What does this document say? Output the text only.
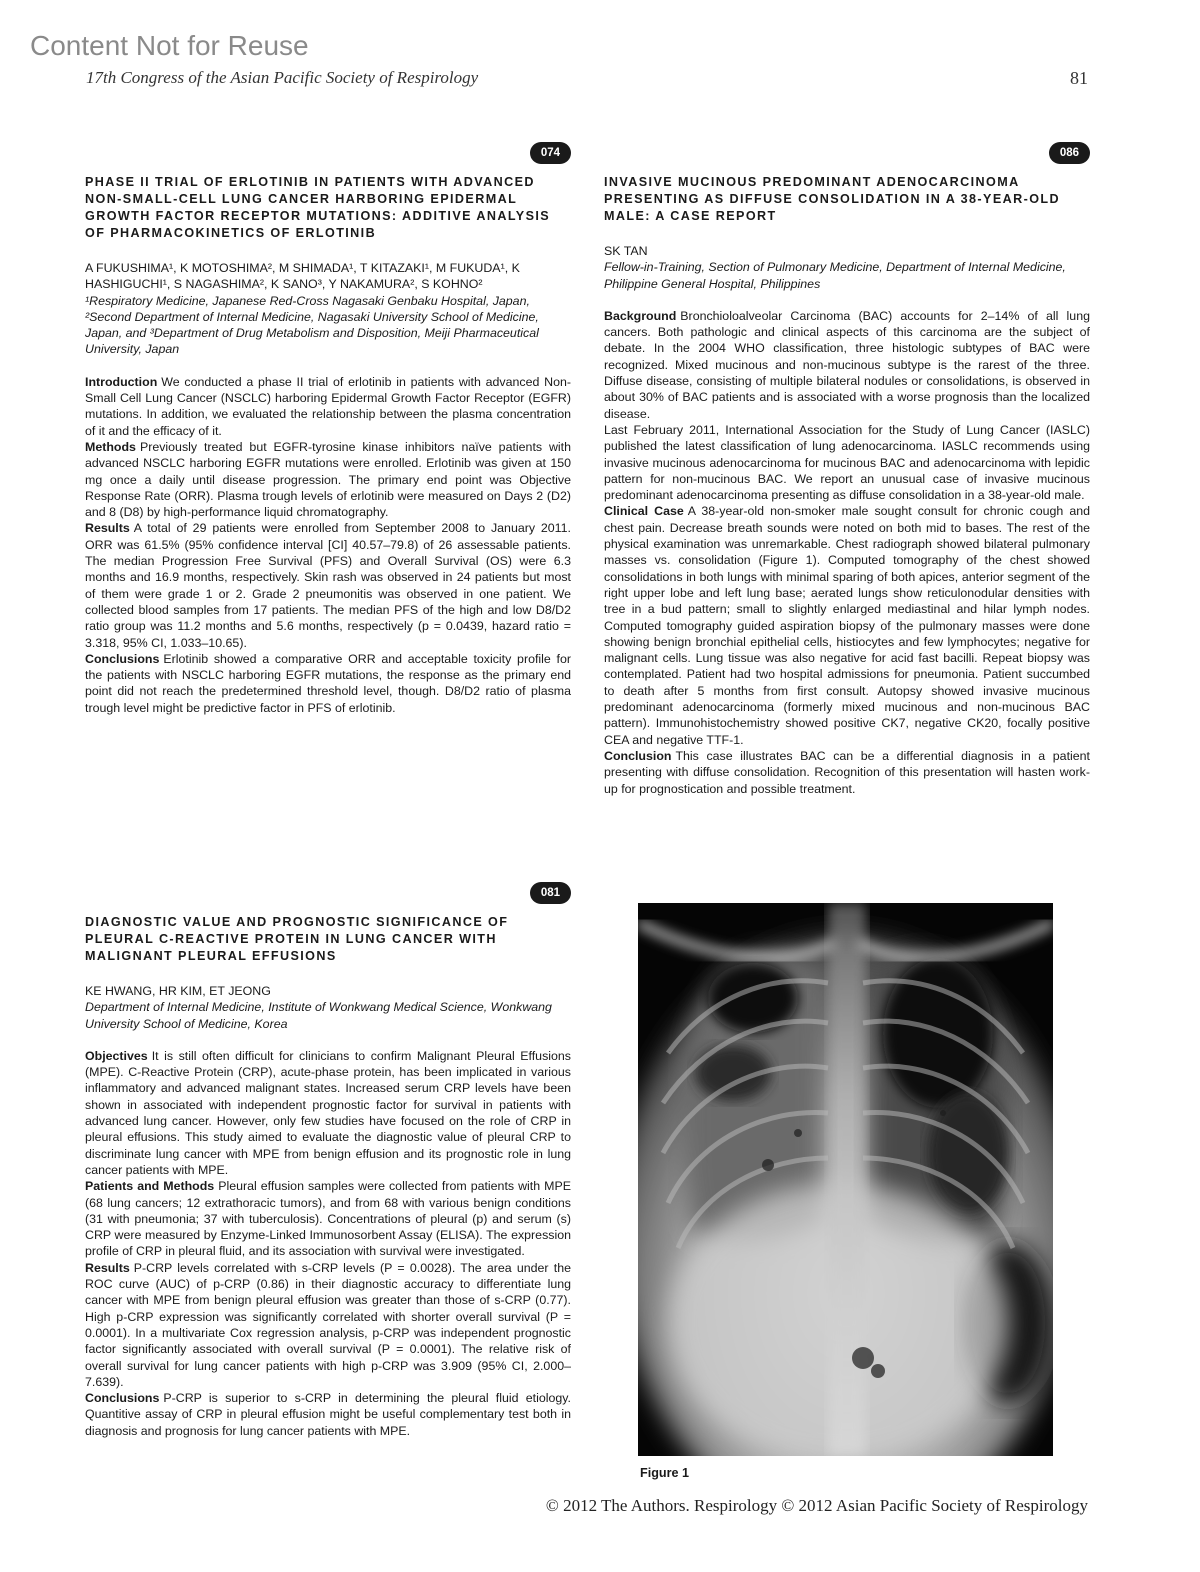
Content Not for Reuse
17th Congress of the Asian Pacific Society of Respirology	81
074
PHASE II TRIAL OF ERLOTINIB IN PATIENTS WITH ADVANCED NON-SMALL-CELL LUNG CANCER HARBORING EPIDERMAL GROWTH FACTOR RECEPTOR MUTATIONS: ADDITIVE ANALYSIS OF PHARMACOKINETICS OF ERLOTINIB
A FUKUSHIMA¹, K MOTOSHIMA², M SHIMADA¹, T KITAZAKI¹, M FUKUDA¹, K HASHIGUCHI¹, S NAGASHIMA², K SANO³, Y NAKAMURA², S KOHNO²
¹Respiratory Medicine, Japanese Red-Cross Nagasaki Genbaku Hospital, Japan, ²Second Department of Internal Medicine, Nagasaki University School of Medicine, Japan, and ³Department of Drug Metabolism and Disposition, Meiji Pharmaceutical University, Japan

Introduction We conducted a phase II trial of erlotinib in patients with advanced Non-Small Cell Lung Cancer (NSCLC) harboring Epidermal Growth Factor Receptor (EGFR) mutations. In addition, we evaluated the relationship between the plasma concentration of it and the efficacy of it.

Methods Previously treated but EGFR-tyrosine kinase inhibitors naïve patients with advanced NSCLC harboring EGFR mutations were enrolled. Erlotinib was given at 150 mg once a daily until disease progression. The primary end point was Objective Response Rate (ORR). Plasma trough levels of erlotinib were measured on Days 2 (D2) and 8 (D8) by high-performance liquid chromatography.

Results A total of 29 patients were enrolled from September 2008 to January 2011. ORR was 61.5% (95% confidence interval [CI] 40.57–79.8) of 26 assessable patients. The median Progression Free Survival (PFS) and Overall Survival (OS) were 6.3 months and 16.9 months, respectively. Skin rash was observed in 24 patients but most of them were grade 1 or 2. Grade 2 pneumonitis was observed in one patient. We collected blood samples from 17 patients. The median PFS of the high and low D8/D2 ratio group was 11.2 months and 5.6 months, respectively (p = 0.0439, hazard ratio = 3.318, 95% CI, 1.033–10.65).

Conclusions Erlotinib showed a comparative ORR and acceptable toxicity profile for the patients with NSCLC harboring EGFR mutations, the response as the primary end point did not reach the predetermined threshold level, though. D8/D2 ratio of plasma trough level might be predictive factor in PFS of erlotinib.

086
INVASIVE MUCINOUS PREDOMINANT ADENOCARCINOMA PRESENTING AS DIFFUSE CONSOLIDATION IN A 38-YEAR-OLD MALE: A CASE REPORT
SK TAN
Fellow-in-Training, Section of Pulmonary Medicine, Department of Internal Medicine, Philippine General Hospital, Philippines

Background Bronchioloalveolar Carcinoma (BAC) accounts for 2–14% of all lung cancers. Both pathologic and clinical aspects of this carcinoma are the subject of debate. In the 2004 WHO classification, three histologic subtypes of BAC were recognized. Mixed mucinous and non-mucinous subtype is the rarest of the three. Diffuse disease, consisting of multiple bilateral nodules or consolidations, is observed in about 30% of BAC patients and is associated with a worse prognosis than the localized disease.

Last February 2011, International Association for the Study of Lung Cancer (IASLC) published the latest classification of lung adenocarcinoma. IASLC recommends using invasive mucinous adenocarcinoma for mucinous BAC and adenocarcinoma with lepidic pattern for non-mucinous BAC. We report an unusual case of invasive mucinous predominant adenocarcinoma presenting as diffuse consolidation in a 38-year-old male.

Clinical Case A 38-year-old non-smoker male sought consult for chronic cough and chest pain. Decrease breath sounds were noted on both mid to bases. The rest of the physical examination was unremarkable. Chest radiograph showed bilateral pulmonary masses vs. consolidation (Figure 1). Computed tomography of the chest showed consolidations in both lungs with minimal sparing of both apices, anterior segment of the right upper lobe and left lung base; aerated lungs show reticulonodular densities with tree in a bud pattern; small to slightly enlarged mediastinal and hilar lymph nodes. Computed tomography guided aspiration biopsy of the pulmonary masses were done showing benign bronchial epithelial cells, histiocytes and few lymphocytes; negative for malignant cells. Lung tissue was also negative for acid fast bacilli. Repeat biopsy was contemplated. Patient had two hospital admissions for pneumonia. Patient succumbed to death after 5 months from first consult. Autopsy showed invasive mucinous predominant adenocarcinoma (formerly mixed mucinous and non-mucinous BAC pattern). Immunohistochemistry showed positive CK7, negative CK20, focally positive CEA and negative TTF-1.

Conclusion This case illustrates BAC can be a differential diagnosis in a patient presenting with diffuse consolidation. Recognition of this presentation will hasten work-up for prognostication and possible treatment.

081
DIAGNOSTIC VALUE AND PROGNOSTIC SIGNIFICANCE OF PLEURAL C-REACTIVE PROTEIN IN LUNG CANCER WITH MALIGNANT PLEURAL EFFUSIONS
KE HWANG, HR KIM, ET JEONG
Department of Internal Medicine, Institute of Wonkwang Medical Science, Wonkwang University School of Medicine, Korea

Objectives It is still often difficult for clinicians to confirm Malignant Pleural Effusions (MPE). C-Reactive Protein (CRP), acute-phase protein, has been implicated in various inflammatory and advanced malignant states. Increased serum CRP levels have been shown in associated with independent prognostic factor for survival in patients with advanced lung cancer. However, only few studies have focused on the role of CRP in pleural effusions. This study aimed to evaluate the diagnostic value of pleural CRP to discriminate lung cancer with MPE from benign effusion and its prognostic role in lung cancer patients with MPE.

Patients and Methods Pleural effusion samples were collected from patients with MPE (68 lung cancers; 12 extrathoracic tumors), and from 68 with various benign conditions (31 with pneumonia; 37 with tuberculosis). Concentrations of pleural (p) and serum (s) CRP were measured by Enzyme-Linked Immunosorbent Assay (ELISA). The expression profile of CRP in pleural fluid, and its association with survival were investigated.

Results P-CRP levels correlated with s-CRP levels (P = 0.0028). The area under the ROC curve (AUC) of p-CRP (0.86) in their diagnostic accuracy to differentiate lung cancer with MPE from benign pleural effusion was greater than those of s-CRP (0.77). High p-CRP expression was significantly correlated with shorter overall survival (P = 0.0001). In a multivariate Cox regression analysis, p-CRP was independent prognostic factor significantly associated with overall survival (P = 0.0001). The relative risk of overall survival for lung cancer patients with high p-CRP was 3.909 (95% CI, 2.000–7.639).

Conclusions P-CRP is superior to s-CRP in determining the pleural fluid etiology. Quantitive assay of CRP in pleural effusion might be useful complementary test both in diagnosis and prognosis for lung cancer patients with MPE.

Figure 1
© 2012 The Authors. Respirology © 2012 Asian Pacific Society of Respirology
